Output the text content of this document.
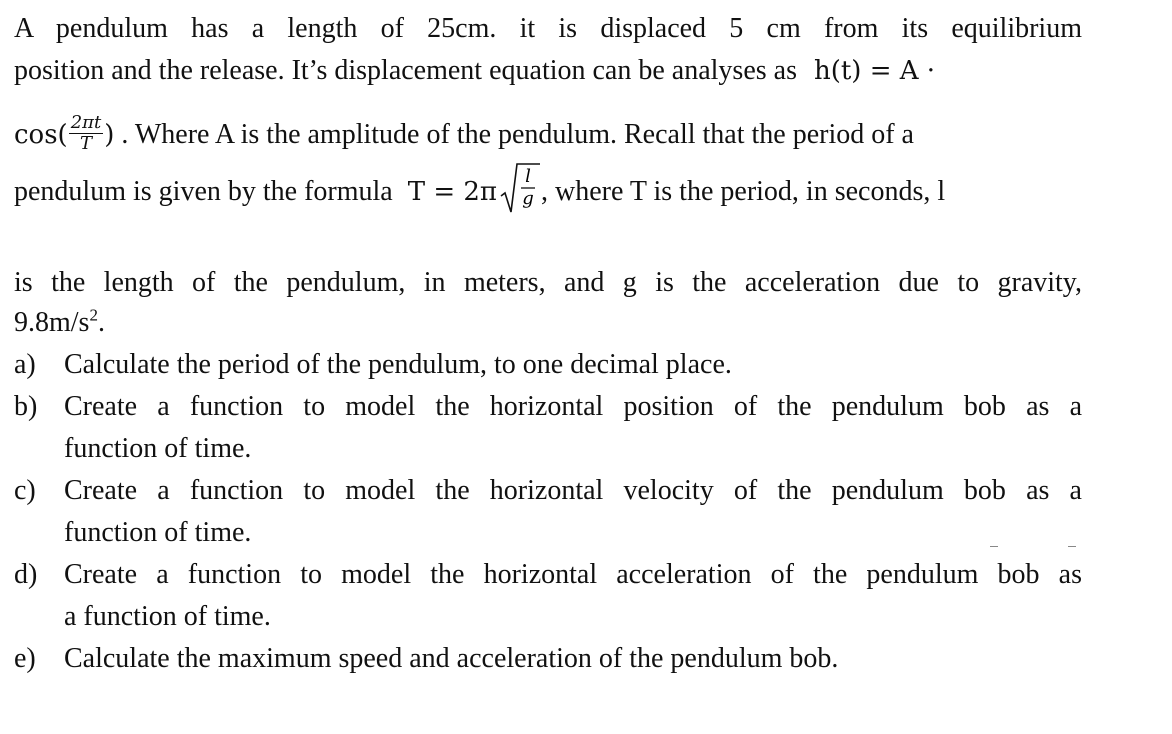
A pendulum has a length of 25cm. it is displaced 5 cm from its equilibrium
position and the release. It’s displacement equation can be analyses as h(t) = A ·
$\cos( \frac{2\pi t}{T}$ ) . Where A is the amplitude of the pendulum. Recall that the period of a
pendulum is given by the formula T = 2π
l
g , where T is the period, in seconds, l
is the length of the pendulum, in meters, and g is the acceleration due to gravity,
$9.8m/s^2$.
a)	Calculate the period of the pendulum, to one decimal place.
b) Create a function to model the horizontal position of the pendulum bob as a
function of time.
c)	Create a function to model the horizontal velocity of the pendulum bob as a
function of time.
d) Create a function to model the horizontal acceleration of the pendulum bob as
a function of time.
e)	Calculate the maximum speed and acceleration of the pendulum bob.
